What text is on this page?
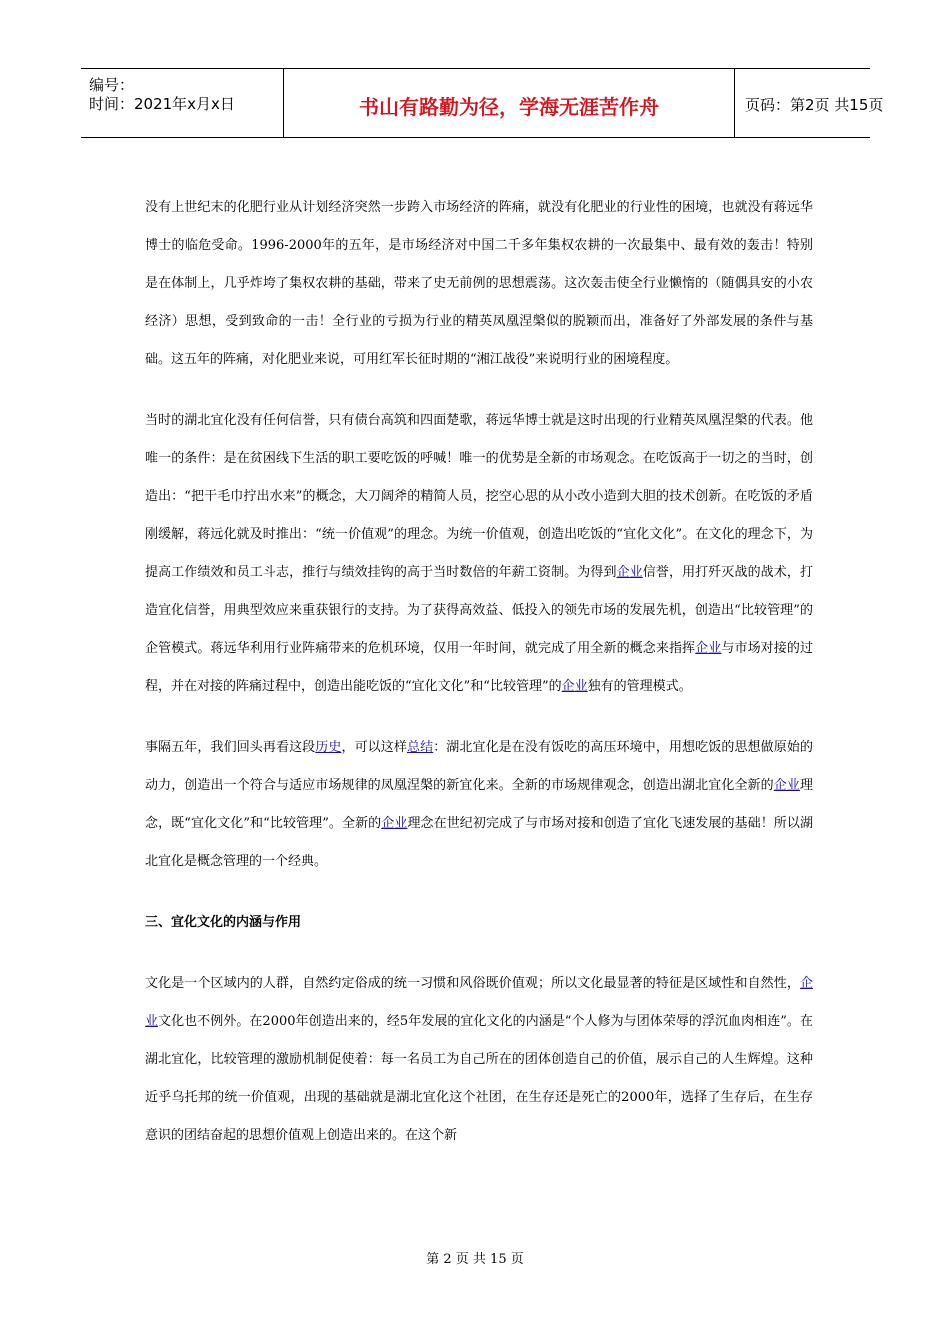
编号：
时间：2021年x月x日	书山有路勤为径，学海无涯苦作舟	页码：第2页 共15页

没有上世纪末的化肥行业从计划经济突然一步跨入市场经济的阵痛，就没有化肥业的行业性的困境，也就没有蒋远华博士的临危受命。1996-2000年的五年，是市场经济对中国二千多年集权农耕的一次最集中、最有效的轰击！特别是在体制上，几乎炸垮了集权农耕的基础，带来了史无前例的思想震荡。这次轰击使全行业懒惰的（随偶具安的小农经济）思想，受到致命的一击！全行业的亏损为行业的精英凤凰涅槃似的脱颖而出，准备好了外部发展的条件与基础。这五年的阵痛，对化肥业来说，可用红军长征时期的“湘江战役”来说明行业的困境程度。

当时的湖北宜化没有任何信誉，只有债台高筑和四面楚歌，蒋远华博士就是这时出现的行业精英凤凰涅槃的代表。他唯一的条件：是在贫困线下生活的职工要吃饭的呼喊！唯一的优势是全新的市场观念。在吃饭高于一切之的当时，创造出：“把干毛巾拧出水来”的概念，大刀阔斧的精简人员，挖空心思的从小改小造到大胆的技术创新。在吃饭的矛盾刚缓解，蒋远化就及时推出：“统一价值观”的理念。为统一价值观，创造出吃饭的“宜化文化”。在文化的理念下，为提高工作绩效和员工斗志，推行与绩效挂钩的高于当时数倍的年薪工资制。为得到企业信誉，用打歼灭战的战术，打造宜化信誉，用典型效应来重获银行的支持。为了获得高效益、低投入的领先市场的发展先机，创造出“比较管理”的企管模式。蒋远华利用行业阵痛带来的危机环境，仅用一年时间，就完成了用全新的概念来指挥企业与市场对接的过程，并在对接的阵痛过程中，创造出能吃饭的“宜化文化”和“比较管理”的企业独有的管理模式。

事隔五年，我们回头再看这段历史，可以这样总结：湖北宜化是在没有饭吃的高压环境中，用想吃饭的思想做原始的动力，创造出一个符合与适应市场规律的凤凰涅槃的新宜化来。全新的市场规律观念，创造出湖北宜化全新的企业理念，既“宜化文化”和“比较管理”。全新的企业理念在世纪初完成了与市场对接和创造了宜化飞速发展的基础！所以湖北宜化是概念管理的一个经典。

三、宜化文化的内涵与作用

文化是一个区域内的人群，自然约定俗成的统一习惯和风俗既价值观；所以文化最显著的特征是区域性和自然性，企业文化也不例外。在2000年创造出来的，经5年发展的宜化文化的内涵是“个人修为与团体荣辱的浮沉血肉相连”。在湖北宜化，比较管理的激励机制促使着：每一名员工为自己所在的团体创造自己的价值，展示自己的人生辉煌。这种近乎乌托邦的统一价值观，出现的基础就是湖北宜化这个社团，在生存还是死亡的2000年，选择了生存后，在生存意识的团结奋起的思想价值观上创造出来的。在这个新

第 2 页 共 15 页
